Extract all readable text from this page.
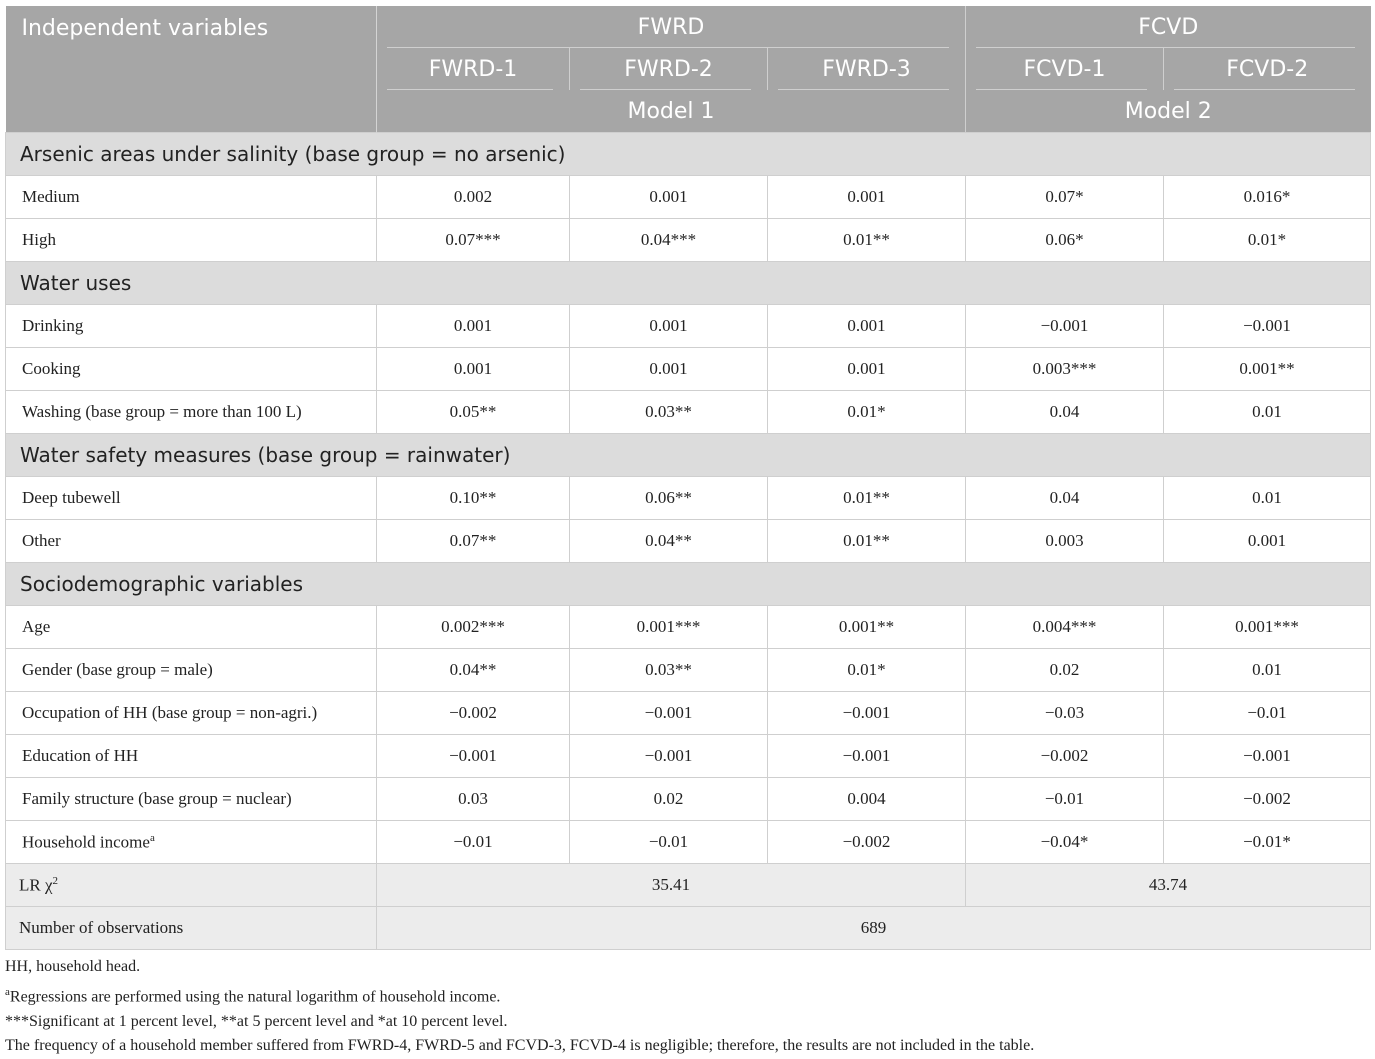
Independent variables	FWRD			FCVD	
	FWRD-1	FWRD-2	FWRD-3	FCVD-1	FCVD-2
	Model 1			Model 2	
Arsenic areas under salinity (base group = no arsenic)					
Medium	0.002	0.001	0.001	0.07*	0.016*
High	0.07***	0.04***	0.01**	0.06*	0.01*
Water uses					
Drinking	0.001	0.001	0.001	−0.001	−0.001
Cooking	0.001	0.001	0.001	0.003***	0.001**
Washing (base group = more than 100 L)	0.05**	0.03**	0.01*	0.04	0.01
Water safety measures (base group = rainwater)					
Deep tubewell	0.10**	0.06**	0.01**	0.04	0.01
Other	0.07**	0.04**	0.01**	0.003	0.001
Sociodemographic variables					
Age	0.002***	0.001***	0.001**	0.004***	0.001***
Gender (base group = male)	0.04**	0.03**	0.01*	0.02	0.01
Occupation of HH (base group = non-agri.)	−0.002	−0.001	−0.001	−0.03	−0.01
Education of HH	−0.001	−0.001	−0.001	−0.002	−0.001
Family structure (base group = nuclear)	0.03	0.02	0.004	−0.01	−0.002
Household income$^a$	−0.01	−0.01	−0.002	−0.04*	−0.01*
LR $\chi^2$	35.41			43.74	
Number of observations	689				

HH, household head.

$^a$Regressions are performed using the natural logarithm of household income.

***Significant at 1 percent level, **at 5 percent level and *at 10 percent level.

The frequency of a household member suffered from FWRD-4, FWRD-5 and FCVD-3, FCVD-4 is negligible; therefore, the results are not included in the table.
